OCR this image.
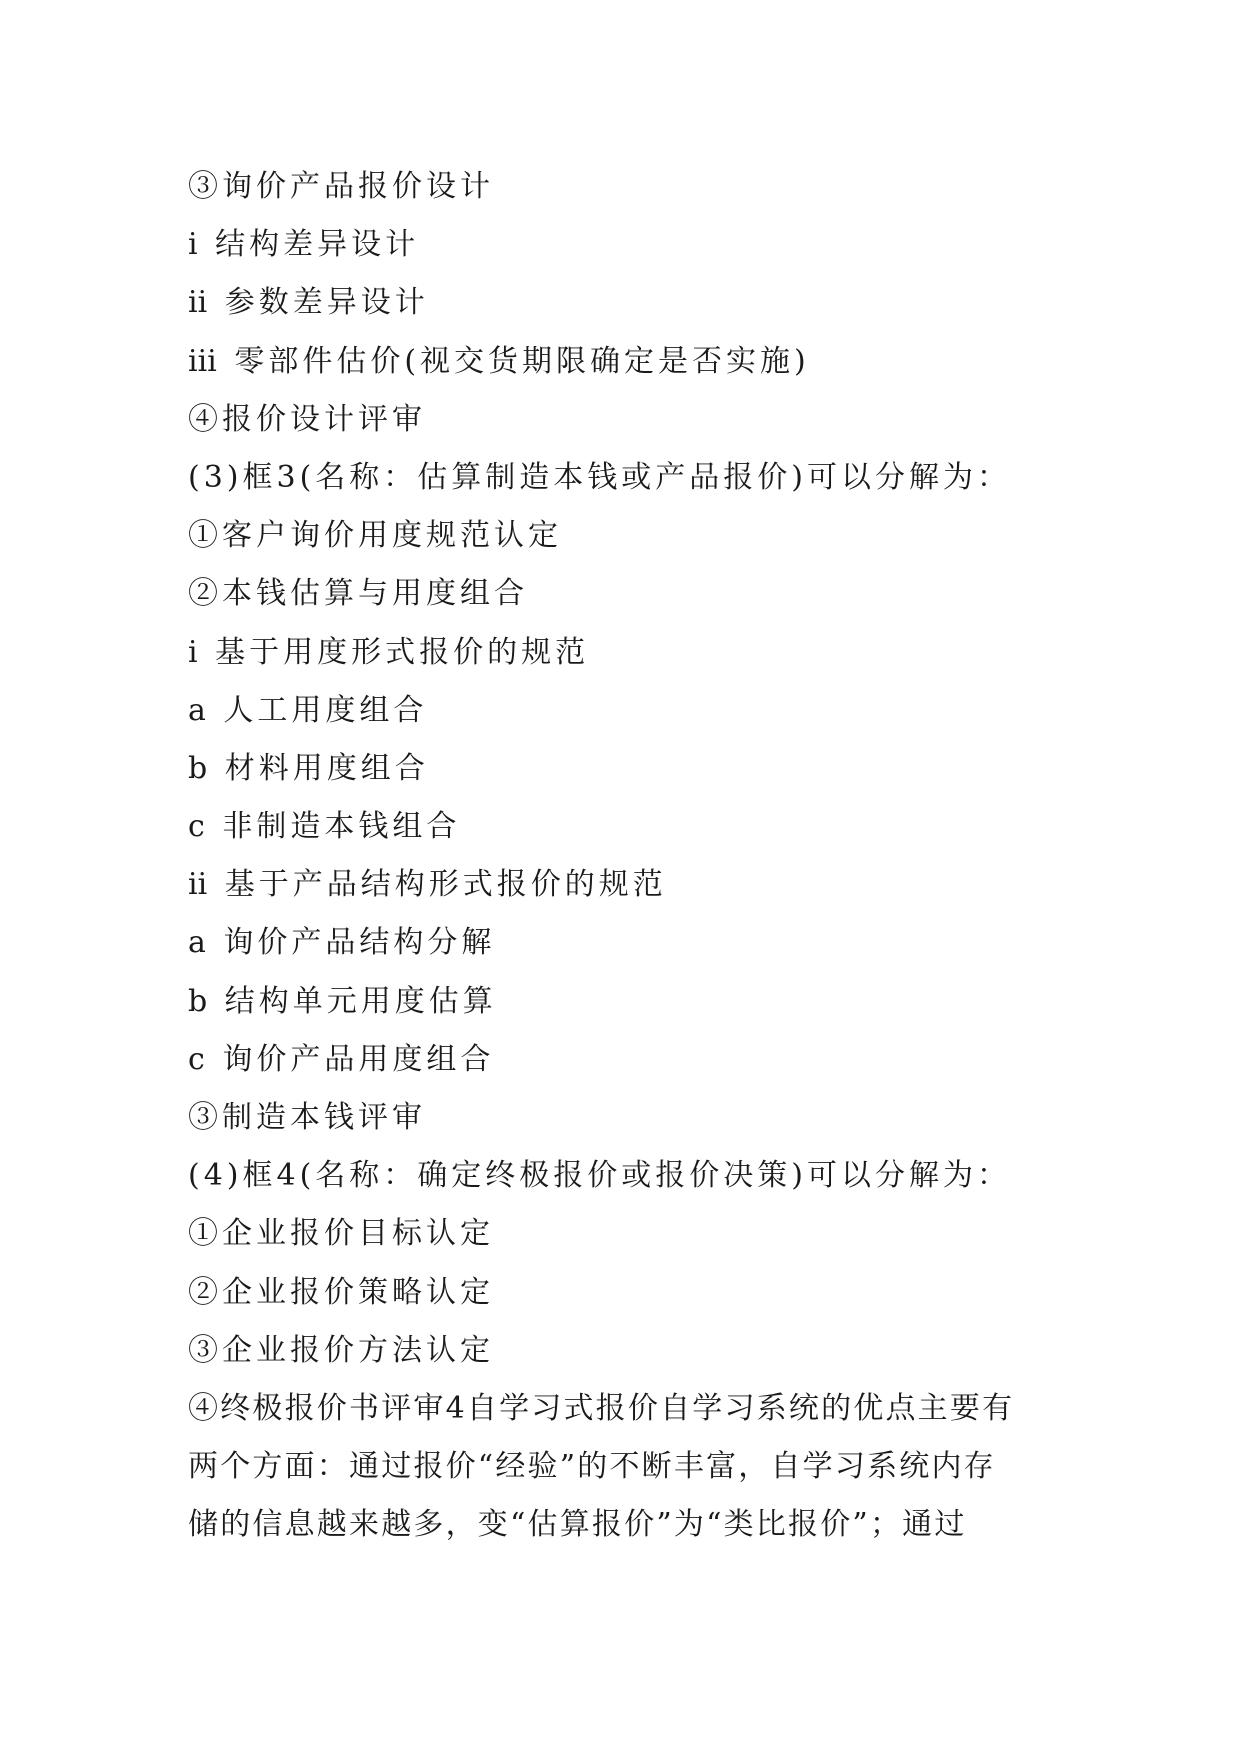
③询价产品报价设计
ⅰ 结构差异设计
ⅱ 参数差异设计
ⅲ 零部件估价(视交货期限确定是否实施)
④报价设计评审
(3)框3(名称：估算制造本钱或产品报价)可以分解为：
①客户询价用度规范认定
②本钱估算与用度组合
ⅰ 基于用度形式报价的规范
a 人工用度组合
b 材料用度组合
c 非制造本钱组合
ⅱ 基于产品结构形式报价的规范
a 询价产品结构分解
b 结构单元用度估算
c 询价产品用度组合
③制造本钱评审
(4)框4(名称：确定终极报价或报价决策)可以分解为：
①企业报价目标认定
②企业报价策略认定
③企业报价方法认定
④终极报价书评审4自学习式报价自学习系统的优点主要有
两个方面：通过报价“经验”的不断丰富，自学习系统内存
储的信息越来越多，变“估算报价”为“类比报价”；通过
